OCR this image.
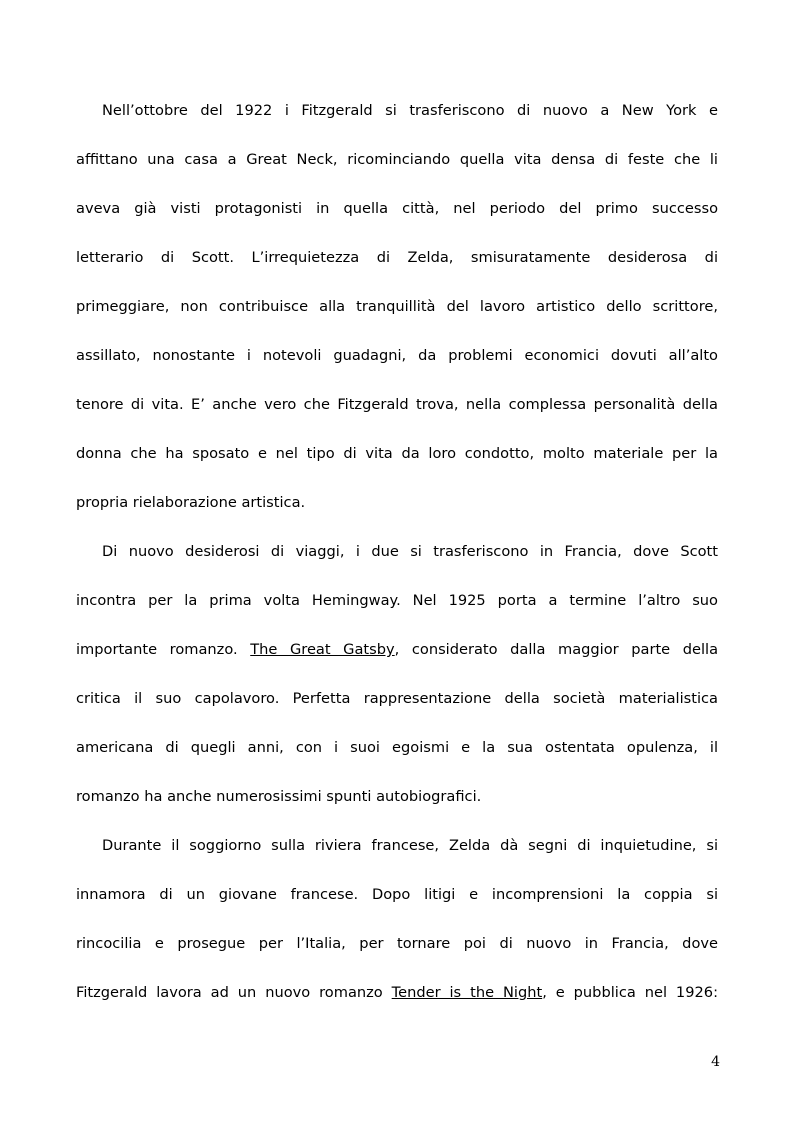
Nell’ottobre del 1922 i Fitzgerald si trasferiscono di nuovo a New York e
affittano una casa a Great Neck, ricominciando quella vita densa di feste che li
aveva già visti protagonisti in quella città, nel periodo del primo successo
letterario di Scott. L’irrequietezza di Zelda, smisuratamente desiderosa di
primeggiare, non contribuisce alla tranquillità del lavoro artistico dello scrittore,
assillato, nonostante i notevoli guadagni, da problemi economici dovuti all’alto
tenore di vita. E’ anche vero che Fitzgerald trova, nella complessa personalità della
donna che ha sposato e nel tipo di vita da loro condotto, molto materiale per la
propria rielaborazione artistica.
Di nuovo desiderosi di viaggi, i due si trasferiscono in Francia, dove Scott
incontra per la prima volta Hemingway. Nel 1925 porta a termine l’altro suo
importante romanzo. The Great Gatsby, considerato dalla maggior parte della
critica il suo capolavoro. Perfetta rappresentazione della società materialistica
americana di quegli anni, con i suoi egoismi e la sua ostentata opulenza, il
romanzo ha anche numerosissimi spunti autobiografici.
Durante il soggiorno sulla riviera francese, Zelda dà segni di inquietudine, si
innamora di un giovane francese. Dopo litigi e incomprensioni la coppia si
rincocilia e prosegue per l’Italia, per tornare poi di nuovo in Francia, dove
Fitzgerald lavora ad un nuovo romanzo Tender is the Night, e pubblica nel 1926:
4
